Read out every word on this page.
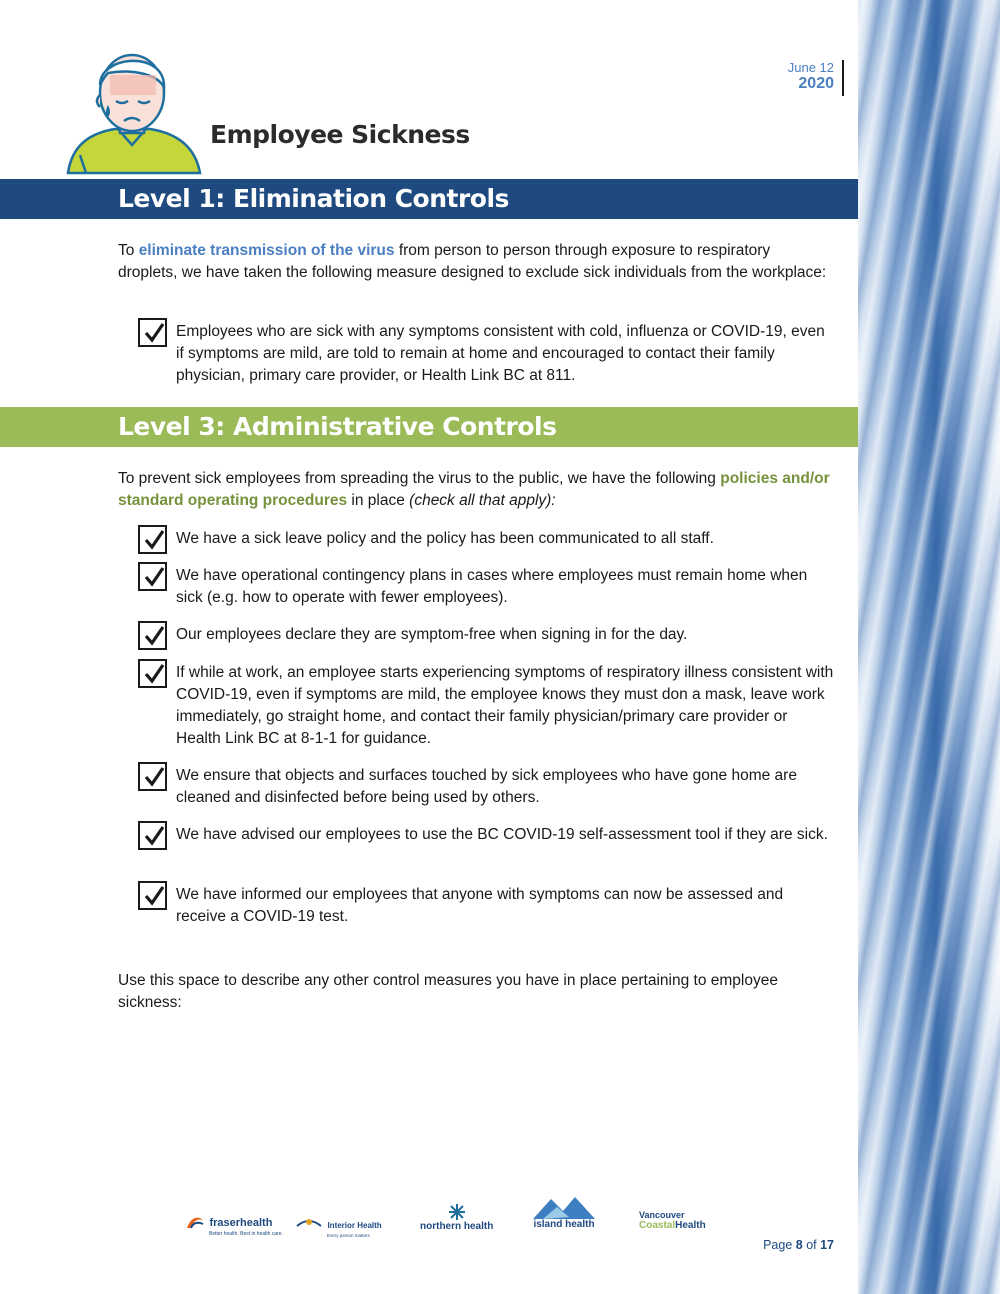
June 12
2020
Employee Sickness
Level 1: Elimination Controls
To eliminate transmission of the virus from person to person through exposure to respiratory droplets, we have taken the following measure designed to exclude sick individuals from the workplace:
Employees who are sick with any symptoms consistent with cold, influenza or COVID-19, even if symptoms are mild, are told to remain at home and encouraged to contact their family physician, primary care provider, or Health Link BC at 811.
Level 3: Administrative Controls
To prevent sick employees from spreading the virus to the public, we have the following policies and/or standard operating procedures in place (check all that apply):
We have a sick leave policy and the policy has been communicated to all staff.
We have operational contingency plans in cases where employees must remain home when sick (e.g. how to operate with fewer employees).
Our employees declare they are symptom-free when signing in for the day.
If while at work, an employee starts experiencing symptoms of respiratory illness consistent with COVID-19, even if symptoms are mild, the employee knows they must don a mask, leave work immediately, go straight home, and contact their family physician/primary care provider or Health Link BC at 8-1-1 for guidance.
We ensure that objects and surfaces touched by sick employees who have gone home are cleaned and disinfected before being used by others.
We have advised our employees to use the BC COVID-19 self-assessment tool if they are sick.
We have informed our employees that anyone with symptoms can now be assessed and receive a COVID-19 test.
Use this space to describe any other control measures you have in place pertaining to employee sickness:
fraserhealth
Better health. Best in health care.
Interior Health
Every person matters
northern health	island health
Vancouver
CoastalHealth
Page 8 of 17
